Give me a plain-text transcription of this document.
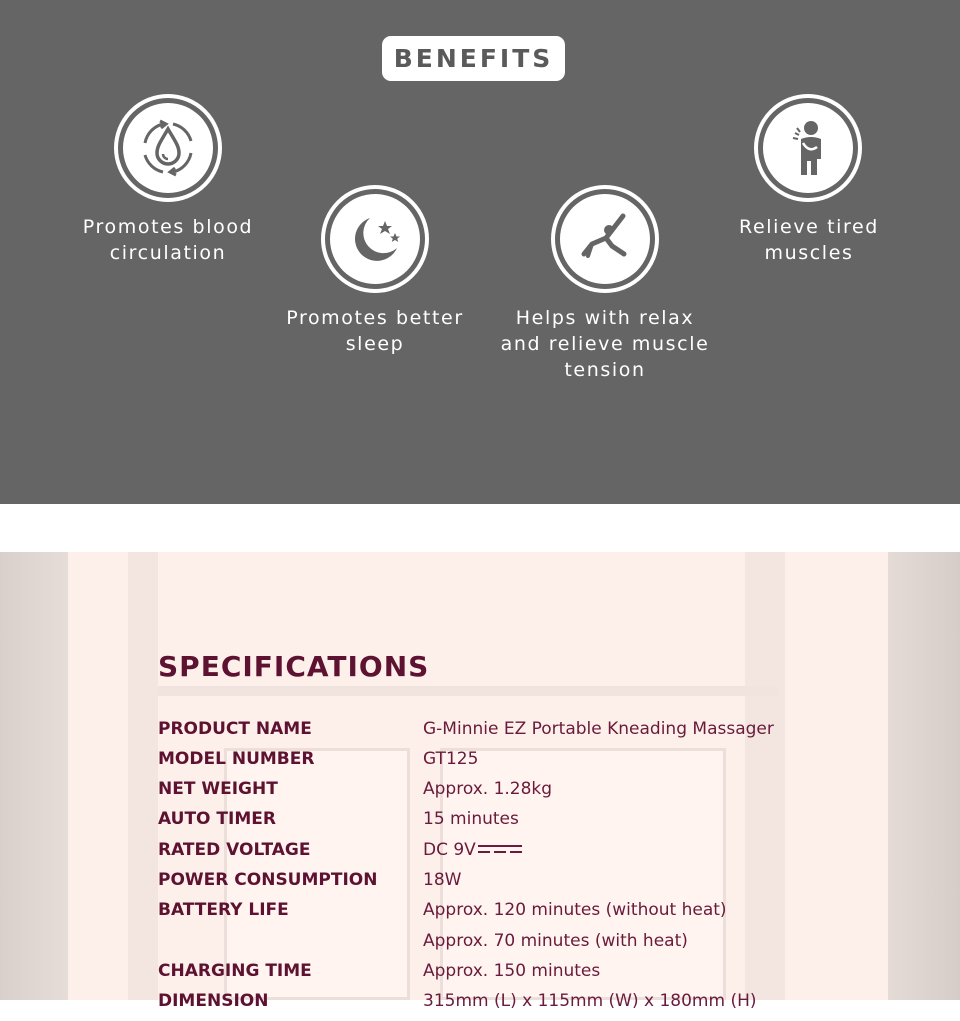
BENEFITS
Promotes blood
circulation
Promotes better
sleep
Helps with relax
and relieve muscle
tension
Relieve tired
muscles
SPECIFICATIONS
PRODUCT NAME	G-Minnie EZ Portable Kneading Massager
MODEL NUMBER	GT125
NET WEIGHT	Approx. 1.28kg
AUTO TIMER	15 minutes
RATED VOLTAGE	DC 9V
POWER CONSUMPTION	18W
BATTERY LIFE	Approx. 120 minutes (without heat)
Approx. 70 minutes (with heat)
CHARGING TIME	Approx. 150 minutes
DIMENSION	315mm (L) x 115mm (W) x 180mm (H)
